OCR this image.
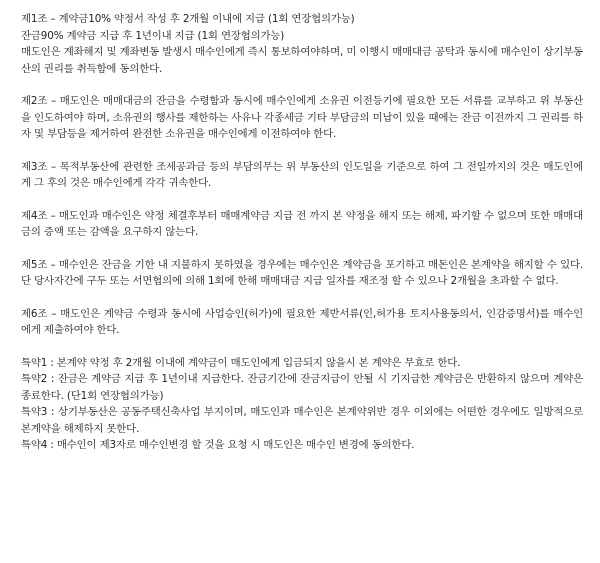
제1조 – 계약금10% 약정서 작성 후 2개월 이내에 지급 (1회 연장협의가능)

잔금90% 계약금 지급 후 1년이내 지급 (1회 연장협의가능)

매도인은 계좌해지 및 계좌변동 발생시 매수인에게 즉시 통보하여야하며, 미 이행시 매매대금 공탁과 동시에 매수인이 상기부동산의 권리를 취득함에 동의한다.

제2조 – 매도인은 매매대금의 잔금을 수령함과 동시에 매수인에게 소유권 이전등기에 필요한 모든 서류를 교부하고 위 부동산을 인도하여야 하며, 소유권의 행사를 제한하는 사유나 각종세금 기타 부담금의 미납이 있을 때에는 잔금 이전까지 그 권리를 하자 및 부담등을 제거하여 완전한 소유권을 매수인에게 이전하여야 한다.

제3조 – 목적부동산에 관련한 조세공과금 등의 부담의무는 위 부동산의 인도일을 기준으로 하여 그 전일까지의 것은 매도인에게 그 후의 것은 매수인에게 각각 귀속한다.

제4조 – 매도인과 매수인은 약정 체결후부터 매매계약금 지급 전 까지 본 약정을 해지 또는 해제, 파기할 수 없으며 또한 매매대금의 증액 또는 감액을 요구하지 않는다.

제5조 – 매수인은 잔금을 기한 내 지불하지 못하였을 경우에는 매수인은 계약금을 포기하고 매돈인은 본계약을 해지할 수 있다. 단 당사자간에 구두 또는 서면협의에 의해 1회에 한해 매매대금 지급 일자를 재조정 할 수 있으나 2개월을 초과할 수 없다.

제6조 – 매도인은 계약금 수령과 동시에 사업승인(허가)에 필요한 제반서류(인,허가용 토지사용동의서, 인감증명서)를 매수인에게 제출하여야 한다.

특약1 : 본계약 약정 후 2개월 이내에 계약금이 매도인에게 입금되지 않을시 본 계약은 무효로 한다.

특약2 : 잔금은 계약금 지급 후 1년이내 지급한다. 잔금기간에 잔금지급이 안될 시 기지급한 계약금은 반환하지 않으며 계약은 종료한다. (단1회 연장협의가능)

특약3 : 상기부동산은 공동주택신축사업 부지이며, 매도인과 매수인은 본계약위반 경우 이외에는 어떤한 경우에도 일방적으로 본계약을 해제하지 못한다.

특약4 : 매수인이 제3자로 매수인변경 할 것을 요청 시 매도인은 매수인 변경에 동의한다.
